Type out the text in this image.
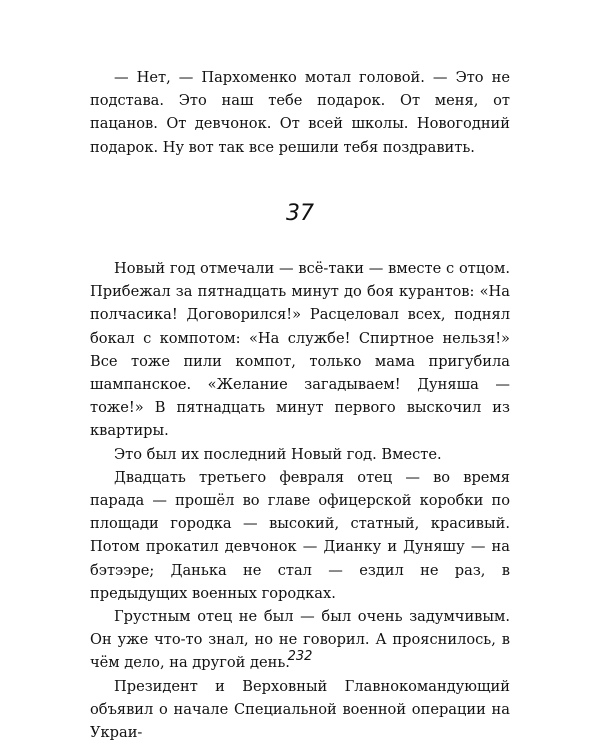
— Нет, — Пархоменко мотал головой. — Это не подстава. Это наш тебе подарок. От меня, от пацанов. От девчонок. От всей школы. Новогодний подарок. Ну вот так все решили тебя поздравить.

37

Новый год отмечали — всё-таки — вместе с отцом. Прибежал за пятнадцать минут до боя курантов: «На полчасика! Договорился!» Расцеловал всех, поднял бокал с компотом: «На службе! Спиртное нельзя!» Все тоже пили компот, только мама пригубила шампанское. «Желание загадываем! Дуняша — тоже!» В пятнадцать минут первого выскочил из квартиры.

Это был их последний Новый год. Вместе.

Двадцать третьего февраля отец — во время парада — прошёл во главе офицерской коробки по площади городка — высокий, статный, красивый. Потом прокатил девчонок — Дианку и Дуняшу — на бэтээре; Данька не стал — ездил не раз, в предыдущих военных городках.

Грустным отец не был — был очень задумчивым. Он уже что-то знал, но не говорил. А прояснилось, в чём дело, на другой день.

Президент и Верховный Главнокомандующий объявил о начале Специальной военной операции на Украи-

232
